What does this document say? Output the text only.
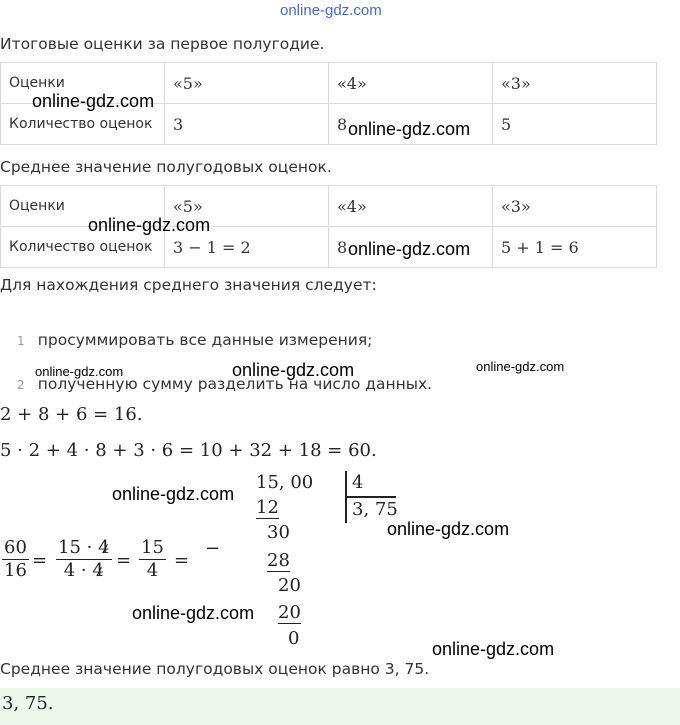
online-gdz.com
Итоговые оценки за первое полугодие.
Оценки	«5»	«4»	«3»
Количество оценок	3	8	5
Среднее значение полугодовых оценок.
Оценки	«5»	«4»	«3»
Количество оценок	3 − 1 = 2	8	5 + 1 = 6
Для нахождения среднего значения следует:
1 просуммировать все данные измерения;
2 полученную сумму разделить на число данных.
2 + 8 + 6 = 16.
5 · 2 + 4 · 8 + 3 · 6 = 10 + 32 + 18 = 60.
$\frac{60}{16} = \frac{15 \cdot 4}{4 \cdot 4} = \frac{15}{4}$ =
−
15, 00
12
30
28
20
20
0
4
3, 75
Среднее значение полугодовых оценок равно 3, 75.
3, 75.
online-gdz.com
online-gdz.com
online-gdz.com
online-gdz.com
online-gdz.com
online-gdz.com	online-gdz.com
online-gdz.com
online-gdz.com
online-gdz.com
online-gdz.com
